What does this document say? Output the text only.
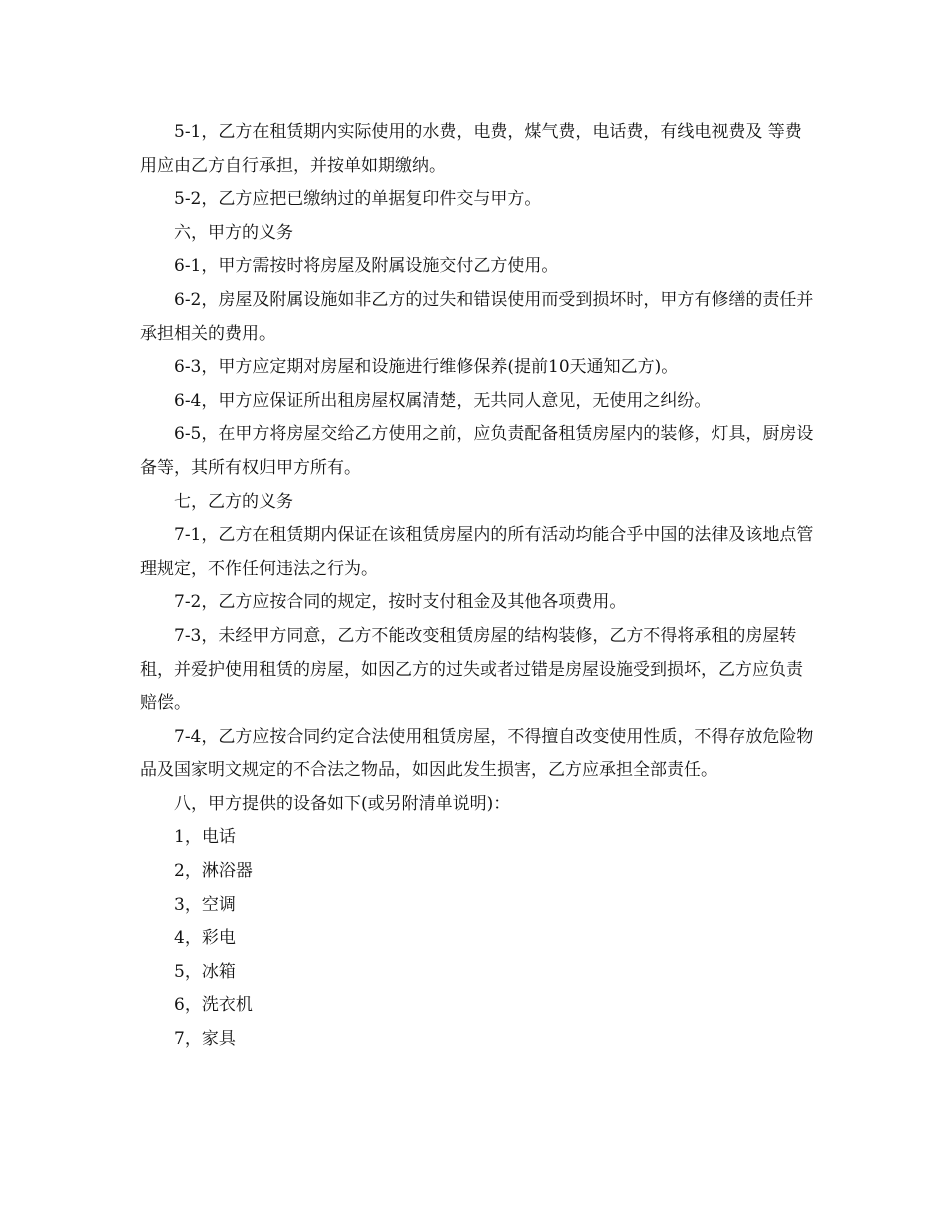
5-1，乙方在租赁期内实际使用的水费，电费，煤气费，电话费，有线电视费及 等费用应由乙方自行承担，并按单如期缴纳。

5-2，乙方应把已缴纳过的单据复印件交与甲方。

六，甲方的义务

6-1，甲方需按时将房屋及附属设施交付乙方使用。

6-2，房屋及附属设施如非乙方的过失和错误使用而受到损坏时，甲方有修缮的责任并承担相关的费用。

6-3，甲方应定期对房屋和设施进行维修保养(提前10天通知乙方)。

6-4，甲方应保证所出租房屋权属清楚，无共同人意见，无使用之纠纷。

6-5，在甲方将房屋交给乙方使用之前，应负责配备租赁房屋内的装修，灯具，厨房设备等，其所有权归甲方所有。

七，乙方的义务

7-1，乙方在租赁期内保证在该租赁房屋内的所有活动均能合乎中国的法律及该地点管理规定，不作任何违法之行为。

7-2，乙方应按合同的规定，按时支付租金及其他各项费用。

7-3，未经甲方同意，乙方不能改变租赁房屋的结构装修，乙方不得将承租的房屋转租，并爱护使用租赁的房屋，如因乙方的过失或者过错是房屋设施受到损坏，乙方应负责赔偿。

7-4，乙方应按合同约定合法使用租赁房屋，不得擅自改变使用性质，不得存放危险物品及国家明文规定的不合法之物品，如因此发生损害，乙方应承担全部责任。

八，甲方提供的设备如下(或另附清单说明)：

1，电话

2，淋浴器

3，空调

4，彩电

5，冰箱

6，洗衣机

7，家具
